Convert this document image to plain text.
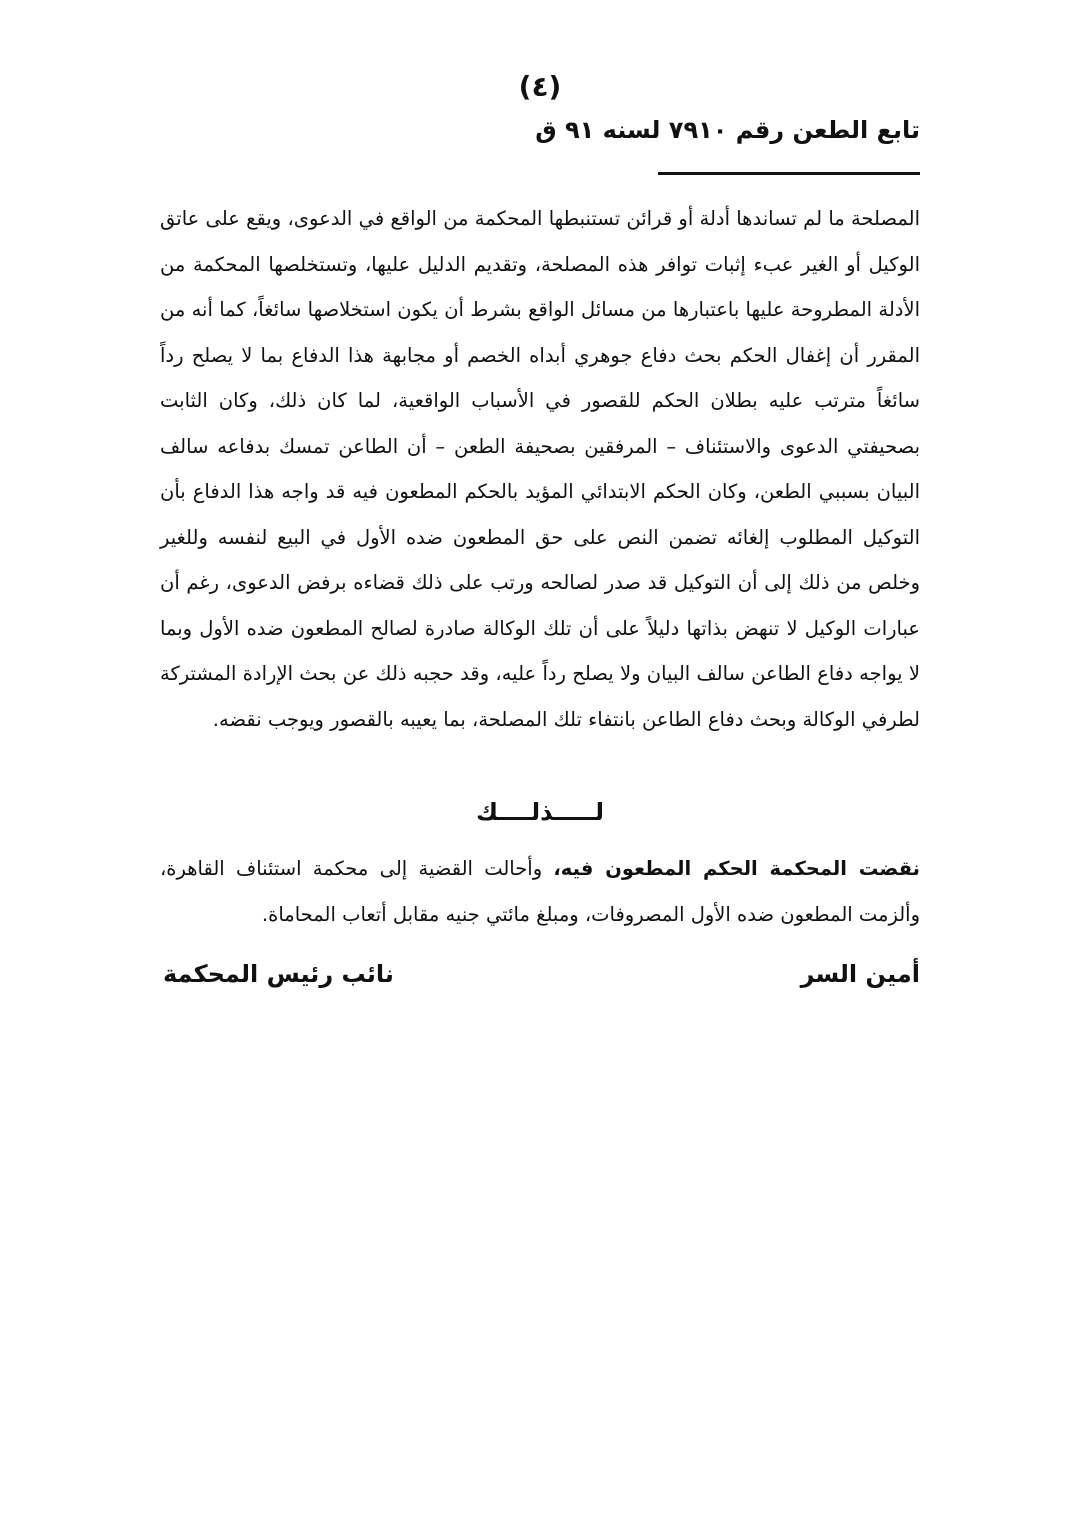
(٤)
تابع الطعن رقم ٧٩١٠ لسنه ٩١ ق

المصلحة ما لم تساندها أدلة أو قرائن تستنبطها المحكمة من الواقع في الدعوى، ويقع على عاتق الوكيل أو الغير عبء إثبات توافر هذه المصلحة، وتقديم الدليل عليها، وتستخلصها المحكمة من الأدلة المطروحة عليها باعتبارها من مسائل الواقع بشرط أن يكون استخلاصها سائغاً، كما أنه من المقرر أن إغفال الحكم بحث دفاع جوهري أبداه الخصم أو مجابهة هذا الدفاع بما لا يصلح رداً سائغاً مترتب عليه بطلان الحكم للقصور في الأسباب الواقعية، لما كان ذلك، وكان الثابت بصحيفتي الدعوى والاستئناف – المرفقين بصحيفة الطعن – أن الطاعن تمسك بدفاعه سالف البيان بسببي الطعن، وكان الحكم الابتدائي المؤيد بالحكم المطعون فيه قد واجه هذا الدفاع بأن التوكيل المطلوب إلغائه تضمن النص على حق المطعون ضده الأول في البيع لنفسه وللغير وخلص من ذلك إلى أن التوكيل قد صدر لصالحه ورتب على ذلك قضاءه برفض الدعوى، رغم أن عبارات الوكيل لا تنهض بذاتها دليلاً على أن تلك الوكالة صادرة لصالح المطعون ضده الأول وبما لا يواجه دفاع الطاعن سالف البيان ولا يصلح رداً عليه، وقد حجبه ذلك عن بحث الإرادة المشتركة لطرفي الوكالة وبحث دفاع الطاعن بانتفاء تلك المصلحة، بما يعيبه بالقصور ويوجب نقضه.

لـــــذلــــك

نقضت المحكمة الحكم المطعون فيه، وأحالت القضية إلى محكمة استئناف القاهرة، وألزمت المطعون ضده الأول المصروفات، ومبلغ مائتي جنيه مقابل أتعاب المحاماة.

أمين السر
نائب رئيس المحكمة
